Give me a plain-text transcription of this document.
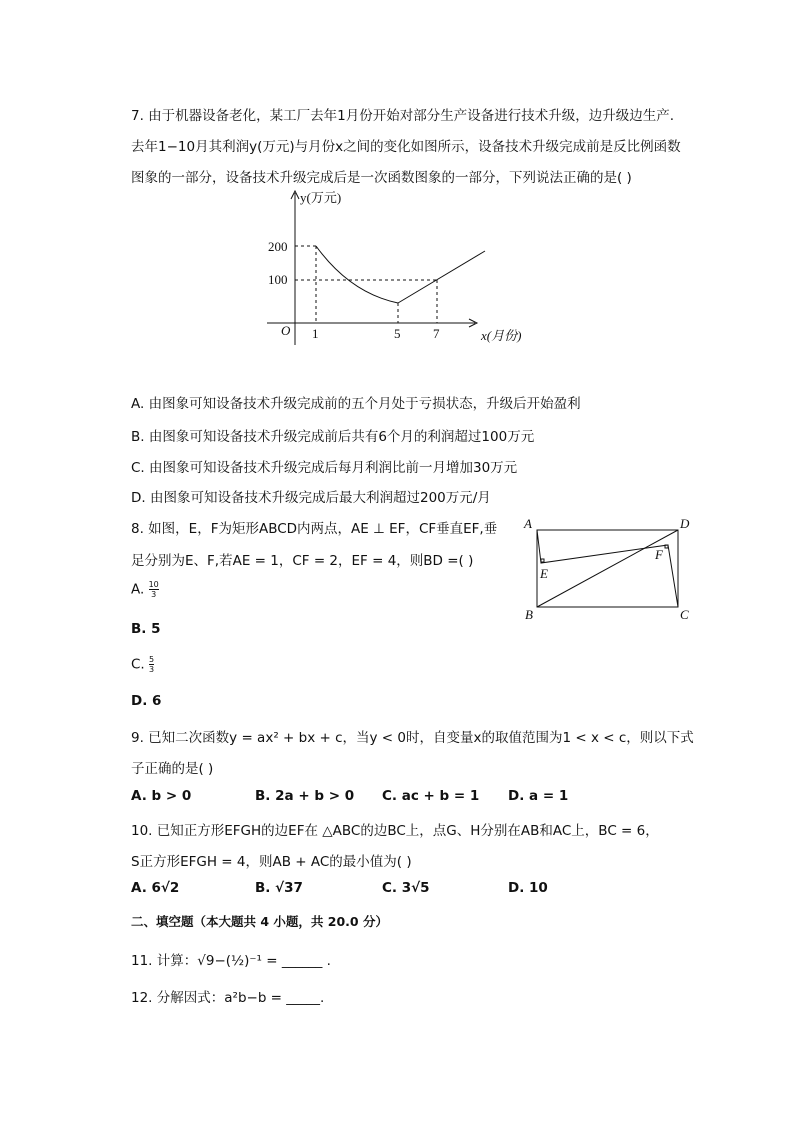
7. 由于机器设备老化，某工厂去年1月份开始对部分生产设备进行技术升级，边升级边生产.
去年1−10月其利润y(万元)与月份x之间的变化如图所示，设备技术升级完成前是反比例函数
图象的一部分，设备技术升级完成后是一次函数图象的一部分，下列说法正确的是( )
y(万元)
x(月份)
O
200
100
1	5	7
A. 由图象可知设备技术升级完成前的五个月处于亏损状态，升级后开始盈利
B. 由图象可知设备技术升级完成前后共有6个月的利润超过100万元
C. 由图象可知设备技术升级完成后每月利润比前一月增加30万元
D. 由图象可知设备技术升级完成后最大利润超过200万元/月
8. 如图，E，F为矩形ABCD内两点，AE ⊥ EF，CF垂直EF,垂
足分别为E、F,若AE = 1，CF = 2，EF = 4，则BD =( )
A. $\frac{10}{3}$
B. 5
C. $\frac{5}{3}$
D. 6
A	D
B	C
E
F
9. 已知二次函数y = ax² + bx + c，当y < 0时，自变量x的取值范围为1 < x < c，则以下式
子正确的是( )
A. b > 0	B. 2a + b > 0 C. ac + b = 1 D. a = 1
10. 已知正方形EFGH的边EF在 △ABC的边BC上，点G、H分别在AB和AC上，BC = 6，
S正方形EFGH = 4，则AB + AC的最小值为( )
A. 6√2	B. √37	C. 3√5	D. 10
二、填空题（本大题共 4 小题，共 20.0 分）
11. 计算：√9−(½)⁻¹ = ______ .
12. 分解因式：a²b−b = _____.
